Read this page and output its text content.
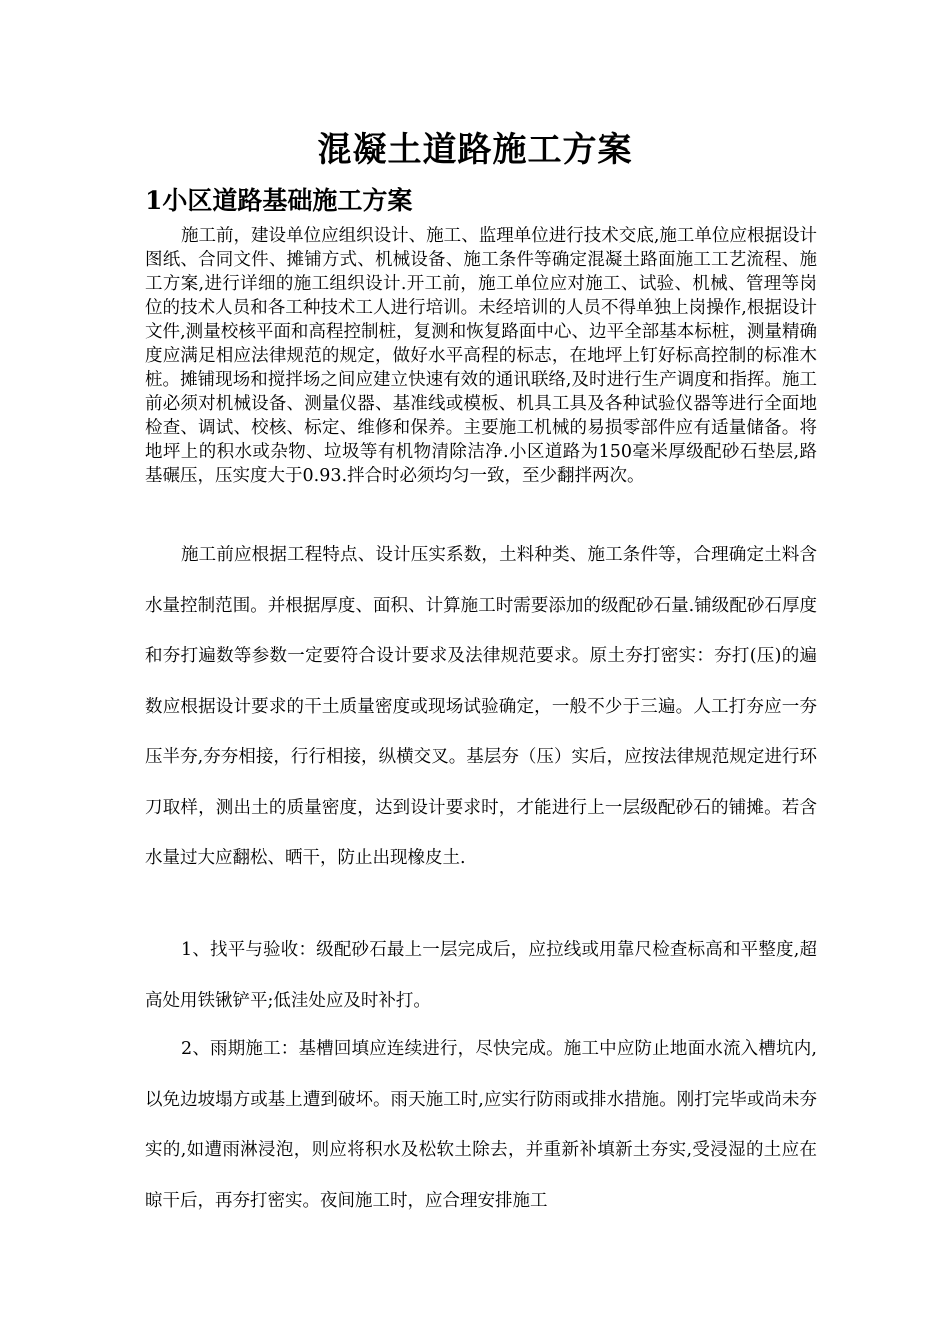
混凝土道路施工方案
1小区道路基础施工方案

施工前，建设单位应组织设计、施工、监理单位进行技术交底,施工单位应根据设计图纸、合同文件、摊铺方式、机械设备、施工条件等确定混凝土路面施工工艺流程、施工方案,进行详细的施工组织设计.开工前，施工单位应对施工、试验、机械、管理等岗位的技术人员和各工种技术工人进行培训。未经培训的人员不得单独上岗操作,根据设计文件,测量校核平面和高程控制桩，复测和恢复路面中心、边平全部基本标桩，测量精确度应满足相应法律规范的规定，做好水平高程的标志，在地坪上钉好标高控制的标准木桩。摊铺现场和搅拌场之间应建立快速有效的通讯联络,及时进行生产调度和指挥。施工前必须对机械设备、测量仪器、基准线或模板、机具工具及各种试验仪器等进行全面地检查、调试、校核、标定、维修和保养。主要施工机械的易损零部件应有适量储备。将地坪上的积水或杂物、垃圾等有机物清除洁净.小区道路为150毫米厚级配砂石垫层,路基碾压，压实度大于0.93.拌合时必须均匀一致，至少翻拌两次。

施工前应根据工程特点、设计压实系数，土料种类、施工条件等，合理确定土料含水量控制范围。并根据厚度、面积、计算施工时需要添加的级配砂石量.铺级配砂石厚度和夯打遍数等参数一定要符合设计要求及法律规范要求。原土夯打密实：夯打(压)的遍数应根据设计要求的干土质量密度或现场试验确定，一般不少于三遍。人工打夯应一夯压半夯,夯夯相接，行行相接，纵横交叉。基层夯（压）实后，应按法律规范规定进行环刀取样，测出土的质量密度，达到设计要求时，才能进行上一层级配砂石的铺摊。若含水量过大应翻松、晒干，防止出现橡皮土.

1、找平与验收：级配砂石最上一层完成后，应拉线或用靠尺检查标高和平整度,超高处用铁锹铲平;低洼处应及时补打。

2、雨期施工：基槽回填应连续进行，尽快完成。施工中应防止地面水流入槽坑内,以免边坡塌方或基上遭到破坏。雨天施工时,应实行防雨或排水措施。刚打完毕或尚未夯实的,如遭雨淋浸泡，则应将积水及松软土除去，并重新补填新土夯实,受浸湿的土应在晾干后，再夯打密实。夜间施工时，应合理安排施工
